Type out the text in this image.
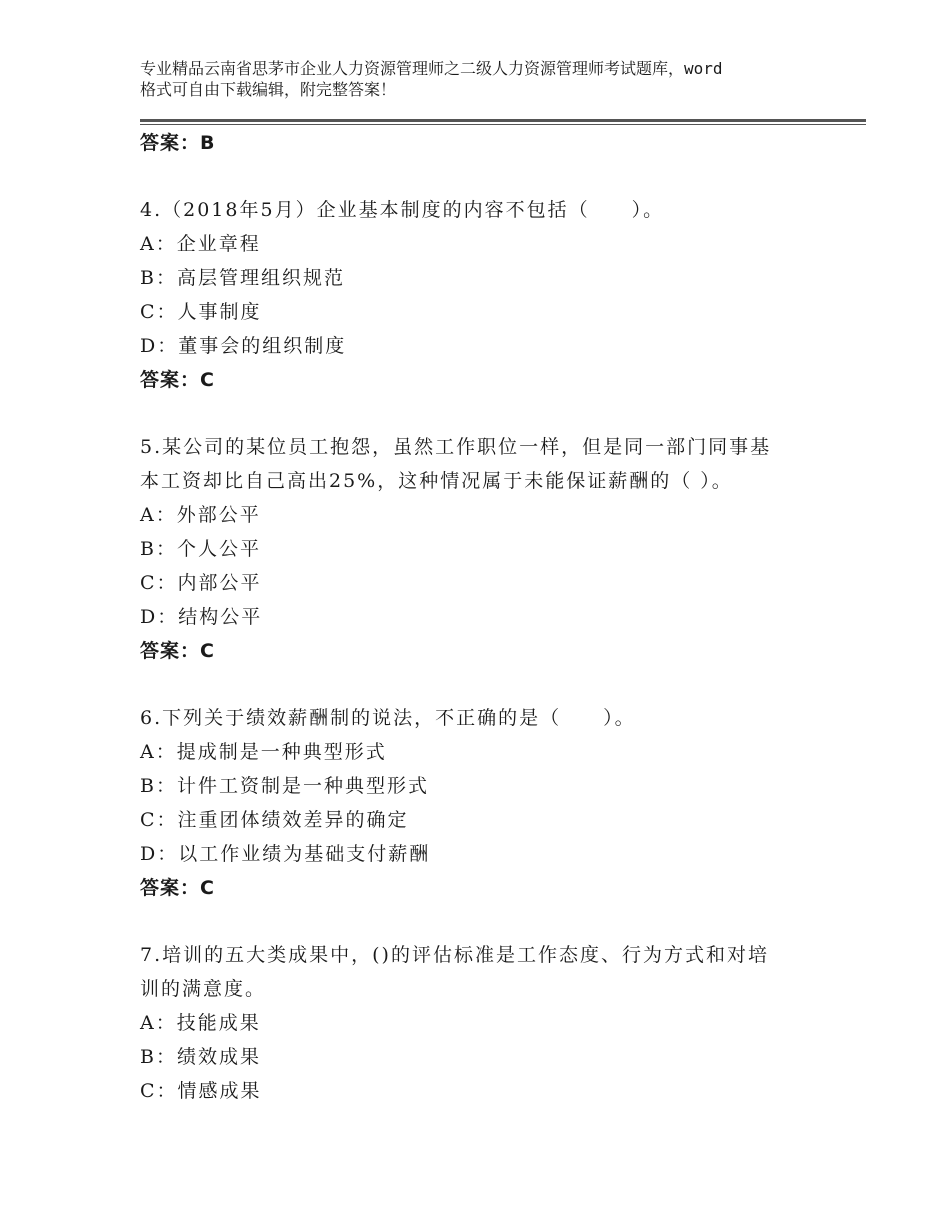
专业精品云南省思茅市企业人力资源管理师之二级人力资源管理师考试题库，word
格式可自由下载编辑，附完整答案！
答案：B
4.（2018年5月）企业基本制度的内容不包括（　　）。
A：企业章程
B：高层管理组织规范
C：人事制度
D：董事会的组织制度
答案：C
5.某公司的某位员工抱怨，虽然工作职位一样，但是同一部门同事基
本工资却比自己高出25%，这种情况属于未能保证薪酬的（ ）。
A：外部公平
B：个人公平
C：内部公平
D：结构公平
答案：C
6.下列关于绩效薪酬制的说法，不正确的是（　　）。
A：提成制是一种典型形式
B：计件工资制是一种典型形式
C：注重团体绩效差异的确定
D：以工作业绩为基础支付薪酬
答案：C
7.培训的五大类成果中，()的评估标准是工作态度、行为方式和对培
训的满意度。
A：技能成果
B：绩效成果
C：情感成果
